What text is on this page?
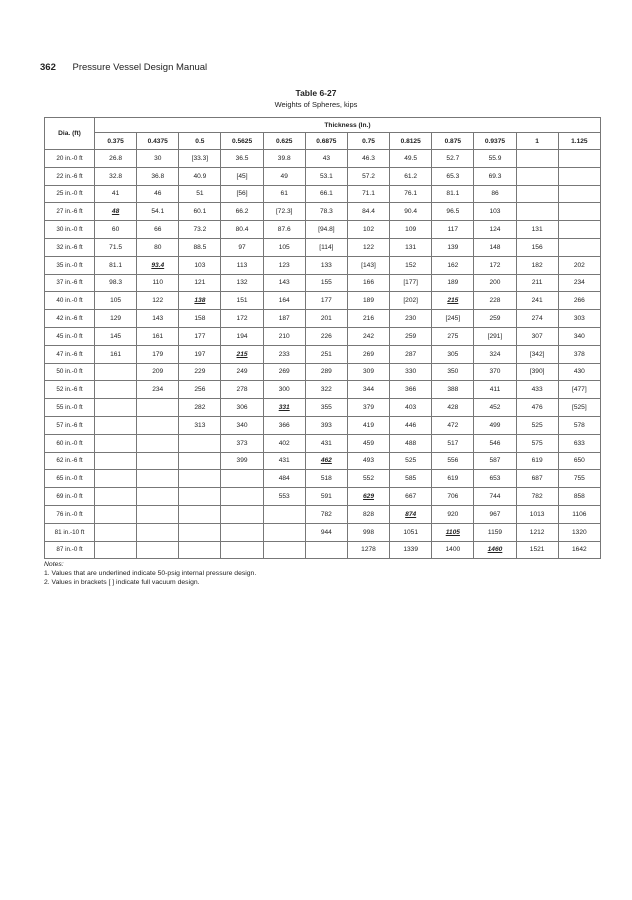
362 Pressure Vessel Design Manual
Table 6-27
Weights of Spheres, kips
Dia. (ft)	Thickness (In.)											
	0.375	0.4375	0.5	0.5625	0.625	0.6875	0.75	0.8125	0.875	0.9375	1	1.125
20 in.-0 ft	26.8	30	[33.3]	36.5	39.8	43	46.3	49.5	52.7	55.9		
22 in.-6 ft	32.8	36.8	40.9	[45]	49	53.1	57.2	61.2	65.3	69.3		
25 in.-0 ft	41	46	51	[56]	61	66.1	71.1	76.1	81.1	86		
27 in.-6 ft	48	54.1	60.1	66.2	[72.3]	78.3	84.4	90.4	96.5	103		
30 in.-0 ft	60	66	73.2	80.4	87.6	[94.8]	102	109	117	124	131	
32 in.-6 ft	71.5	80	88.5	97	105	[114]	122	131	139	148	156	
35 in.-0 ft	81.1	93.4	103	113	123	133	[143]	152	162	172	182	202
37 in.-6 ft	98.3	110	121	132	143	155	166	[177]	189	200	211	234
40 in.-0 ft	105	122	138	151	164	177	189	[202]	215	228	241	266
42 in.-6 ft	129	143	158	172	187	201	216	230	[245]	259	274	303
45 in.-0 ft	145	161	177	194	210	226	242	259	275	[291]	307	340
47 in.-6 ft	161	179	197	215	233	251	269	287	305	324	[342]	378
50 in.-0 ft		209	229	249	269	289	309	330	350	370	[390]	430
52 in.-6 ft		234	256	278	300	322	344	366	388	411	433	[477]
55 in.-0 ft			282	306	331	355	379	403	428	452	476	[525]
57 in.-6 ft			313	340	366	393	419	446	472	499	525	578
60 in.-0 ft				373	402	431	459	488	517	546	575	633
62 in.-6 ft				399	431	462	493	525	556	587	619	650
65 in.-0 ft					484	518	552	585	619	653	687	755
69 in.-0 ft					553	591	629	667	706	744	782	858
76 in.-0 ft						782	828	874	920	967	1013	1106
81 in.-10 ft						944	998	1051	1105	1159	1212	1320
87 in.-0 ft							1278	1339	1400	1460	1521	1642
Notes:
1. Values that are underlined indicate 50-psig internal pressure design.
2. Values in brackets [ ] indicate full vacuum design.
